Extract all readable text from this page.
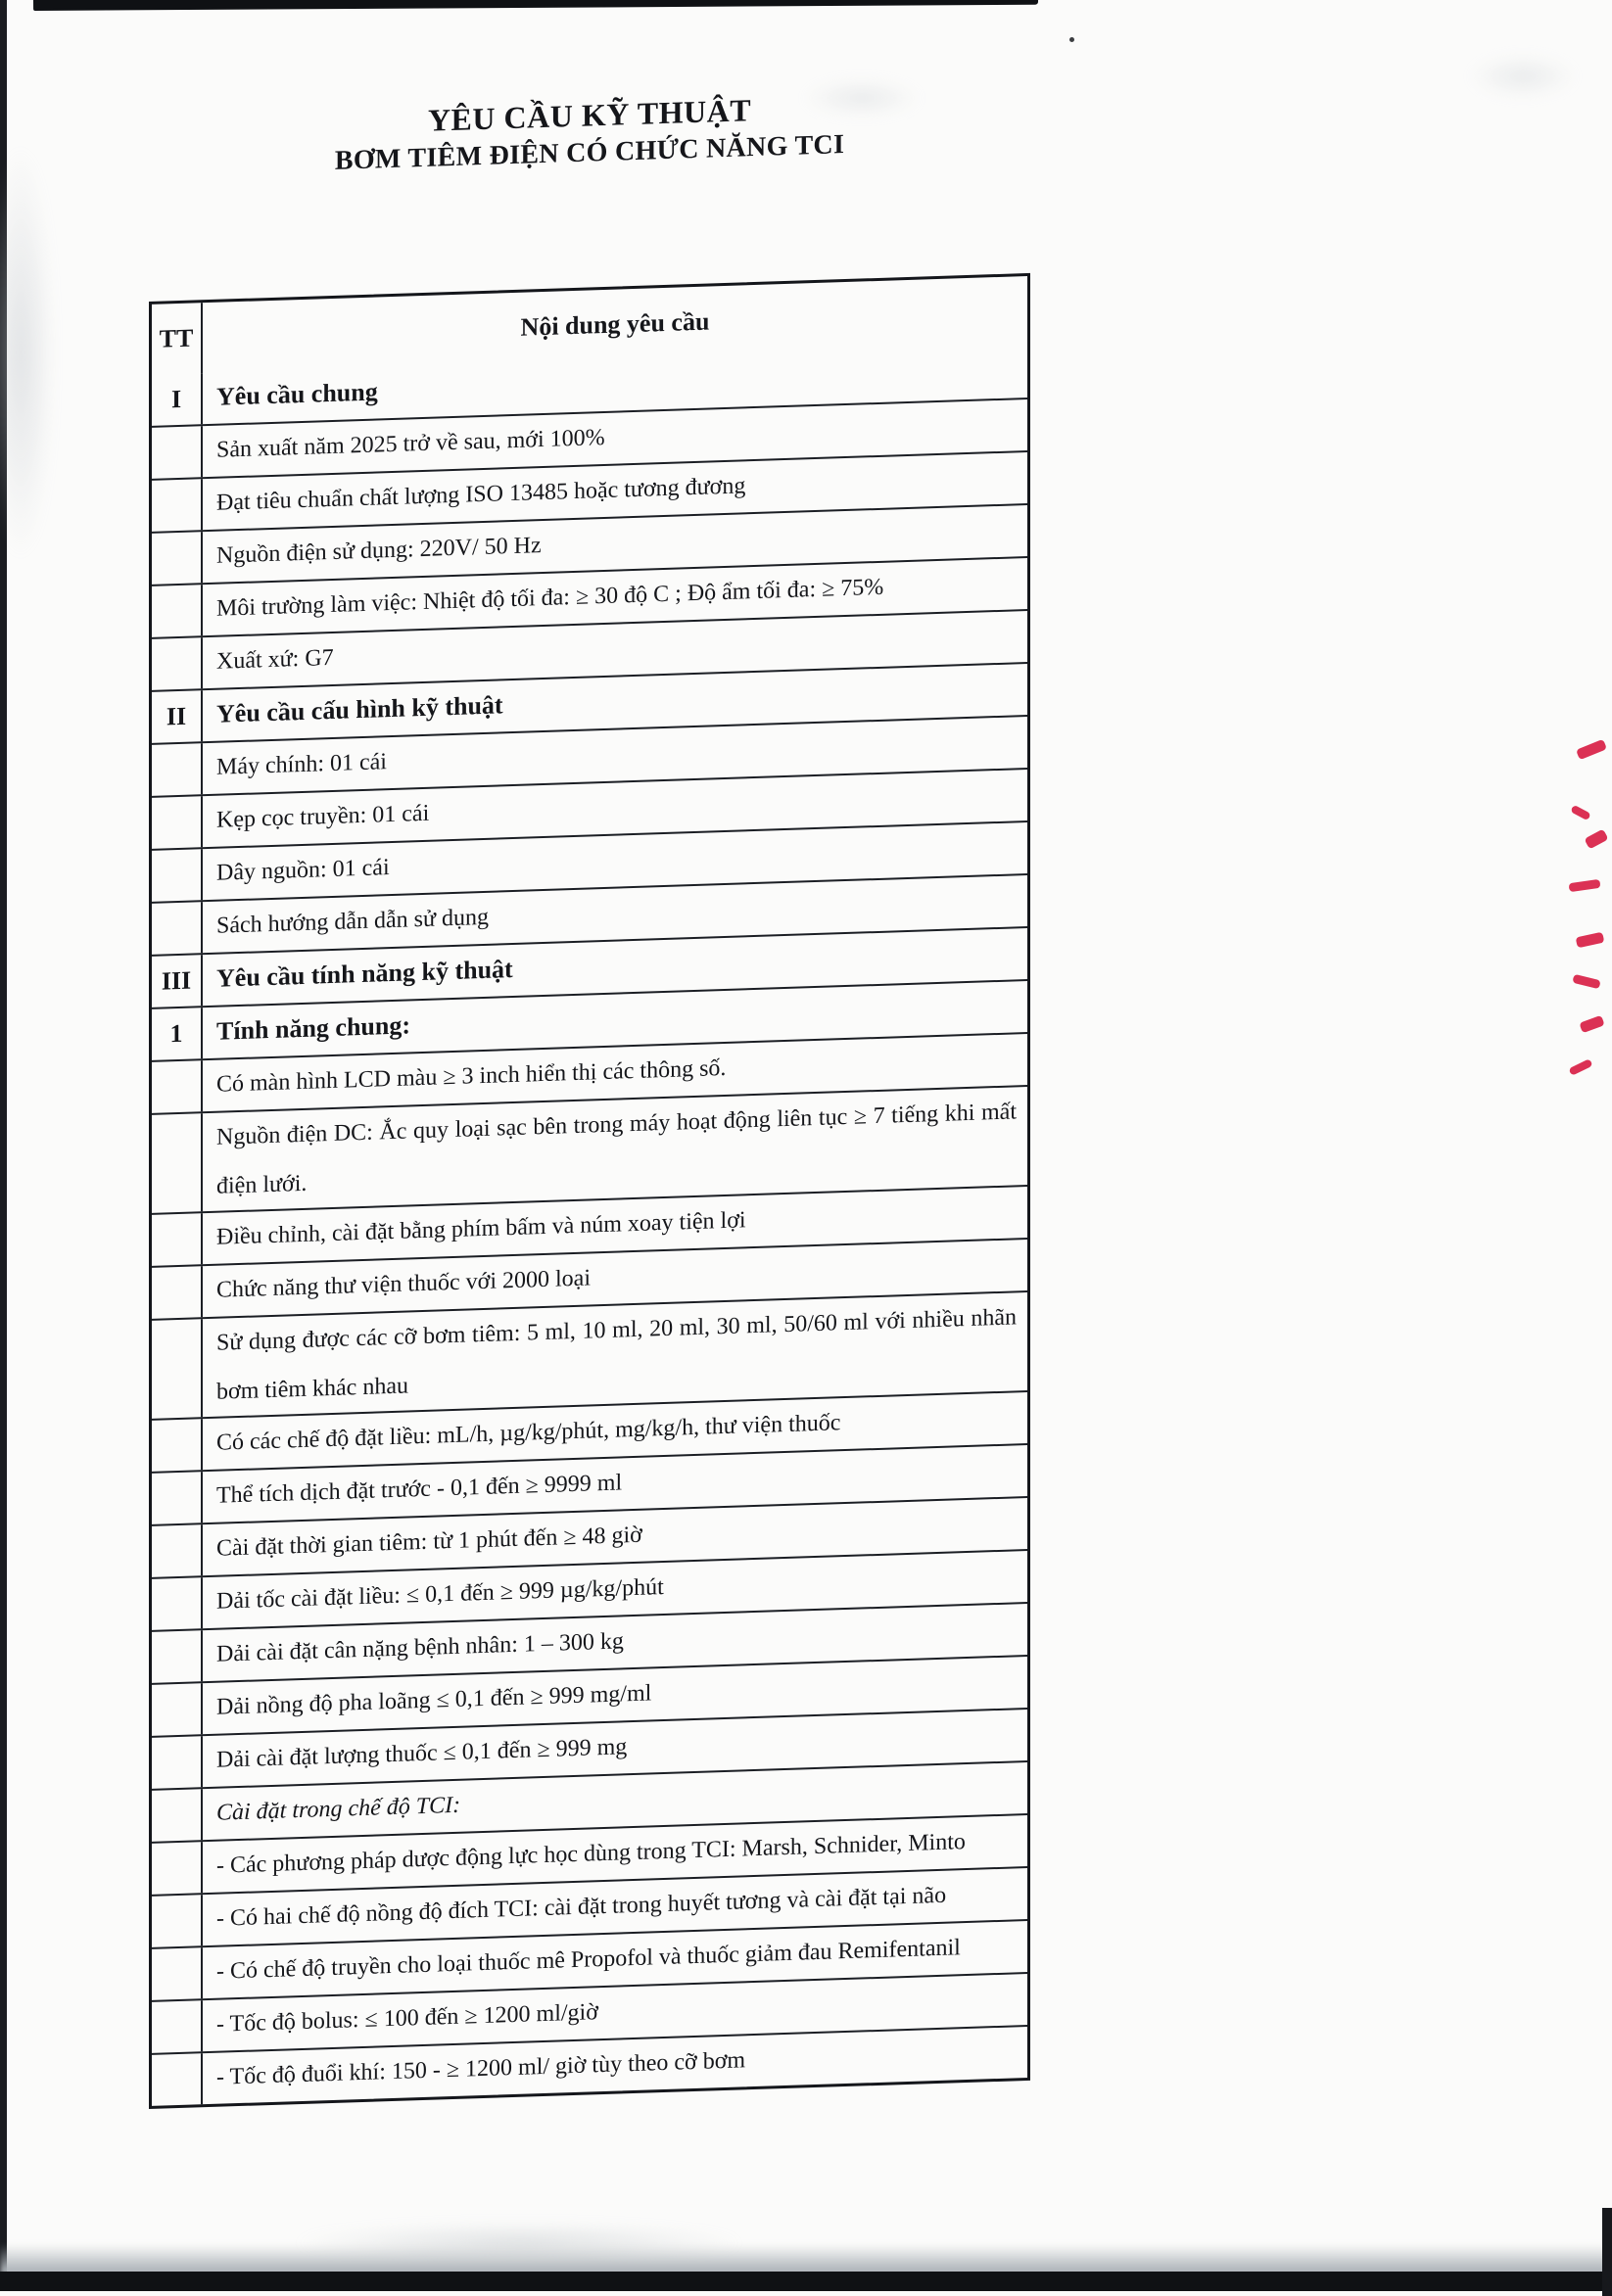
YÊU CẦU KỸ THUẬT
BƠM TIÊM ĐIỆN CÓ CHỨC NĂNG TCI
TT	Nội dung yêu cầu
I	Yêu cầu chung
Sản xuất năm 2025 trở về sau, mới 100%
Đạt tiêu chuẩn chất lượng ISO 13485 hoặc tương đương
Nguồn điện sử dụng: 220V/ 50 Hz
Môi trường làm việc: Nhiệt độ tối đa: ≥ 30 độ C ; Độ ẩm tối đa: ≥ 75%
Xuất xứ: G7
II	Yêu cầu cấu hình kỹ thuật
Máy chính: 01 cái
Kẹp cọc truyền: 01 cái
Dây nguồn: 01 cái
Sách hướng dẫn dẫn sử dụng
III Yêu cầu tính năng kỹ thuật
1	Tính năng chung:
Có màn hình LCD màu ≥ 3 inch hiển thị các thông số.
Nguồn điện DC: Ắc quy loại sạc bên trong máy hoạt động liên tục ≥ 7 tiếng khi mất điện lưới.
Điều chỉnh, cài đặt bằng phím bấm và núm xoay tiện lợi
Chức năng thư viện thuốc với 2000 loại
Sử dụng được các cỡ bơm tiêm: 5 ml, 10 ml, 20 ml, 30 ml, 50/60 ml với nhiều nhãn bơm tiêm khác nhau
Có các chế độ đặt liều: mL/h, µg/kg/phút, mg/kg/h, thư viện thuốc
Thể tích dịch đặt trước - 0,1 đến ≥ 9999 ml
Cài đặt thời gian tiêm: từ 1 phút đến ≥ 48 giờ
Dải tốc cài đặt liều: ≤ 0,1 đến ≥ 999 µg/kg/phút
Dải cài đặt cân nặng bệnh nhân: 1 – 300 kg
Dải nồng độ pha loãng ≤ 0,1 đến ≥ 999 mg/ml
Dải cài đặt lượng thuốc ≤ 0,1 đến ≥ 999 mg
Cài đặt trong chế độ TCI:
- Các phương pháp dược động lực học dùng trong TCI: Marsh, Schnider, Minto
- Có hai chế độ nồng độ đích TCI: cài đặt trong huyết tương và cài đặt tại não
- Có chế độ truyền cho loại thuốc mê Propofol và thuốc giảm đau Remifentanil
- Tốc độ bolus: ≤ 100 đến ≥ 1200 ml/giờ
- Tốc độ đuổi khí: 150 - ≥ 1200 ml/ giờ tùy theo cỡ bơm
